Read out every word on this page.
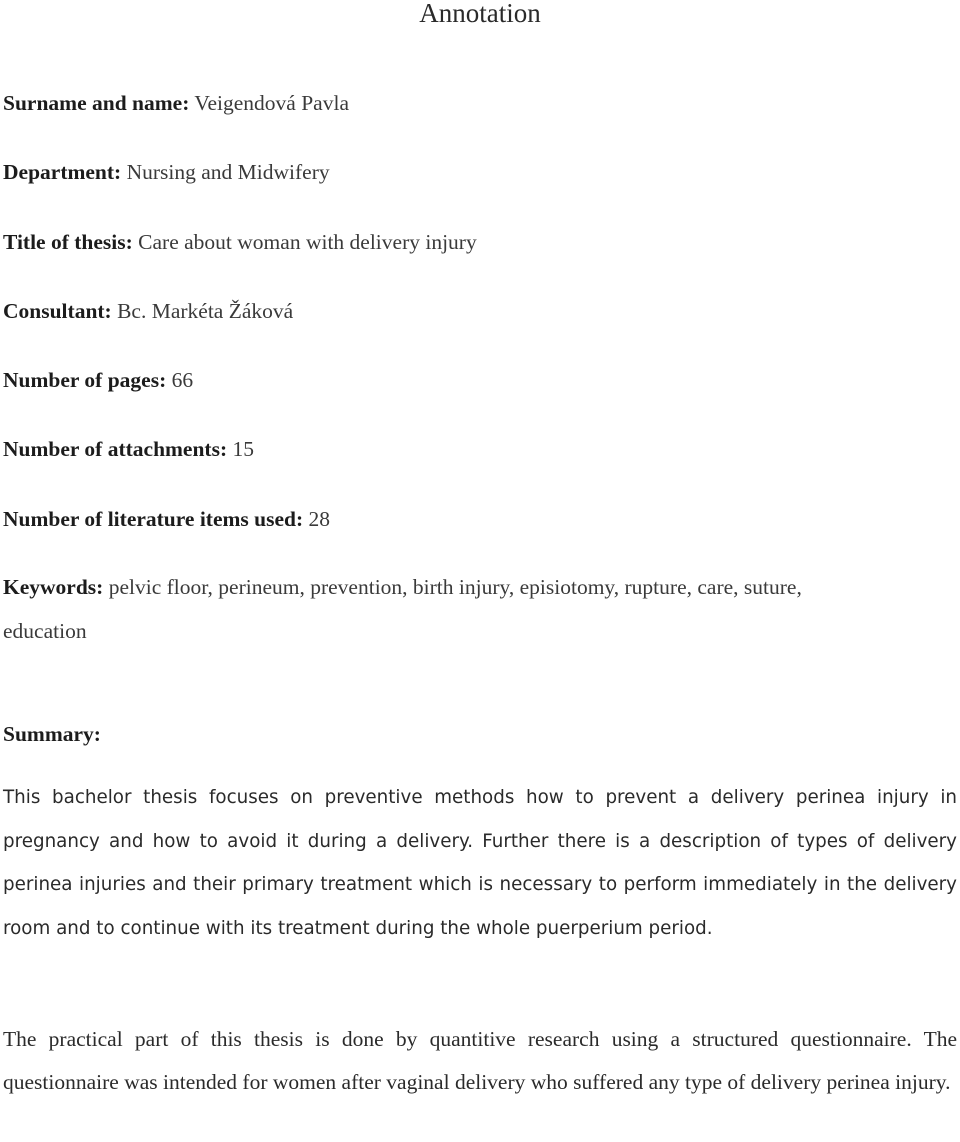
Annotation
Surname and name: Veigendová Pavla
Department: Nursing and Midwifery
Title of thesis: Care about woman with delivery injury
Consultant: Bc. Markéta Žáková
Number of pages: 66
Number of attachments: 15
Number of literature items used: 28
Keywords: pelvic floor, perineum, prevention, birth injury, episiotomy, rupture, care, suture,
education
Summary:
This bachelor thesis focuses on preventive methods how to prevent a delivery perinea injury in pregnancy and how to avoid it during a delivery. Further there is a description of types of delivery perinea injuries and their primary treatment which is necessary to perform immediately in the delivery room and to continue with its treatment during the whole puerperium period.
The practical part of this thesis is done by quantitive research using a structured questionnaire. The questionnaire was intended for women after vaginal delivery who suffered any type of delivery perinea injury.
